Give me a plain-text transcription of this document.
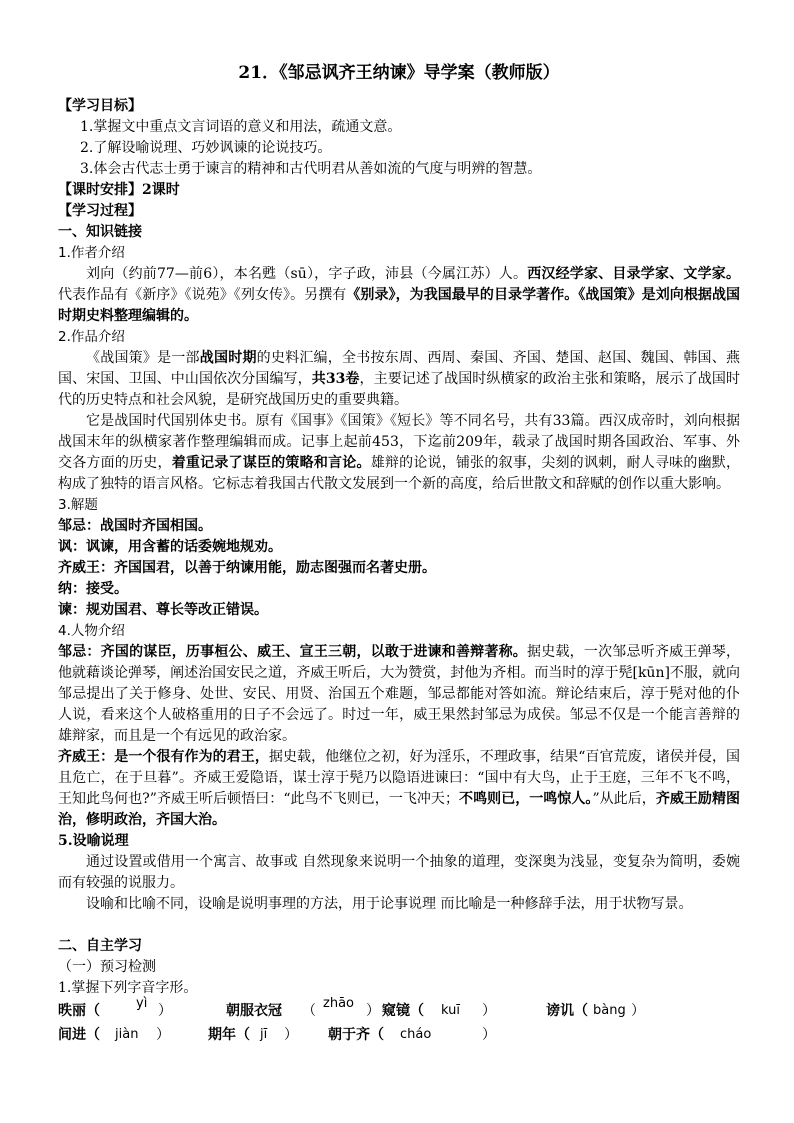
21．《邹忌讽齐王纳谏》导学案（教师版）
【学习目标】
1.掌握文中重点文言词语的意义和用法，疏通文意。
2.了解设喻说理、巧妙讽谏的论说技巧。
3.体会古代志士勇于谏言的精神和古代明君从善如流的气度与明辨的智慧。
【课时安排】2课时
【学习过程】
一、知识链接
1.作者介绍
刘向（约前77—前6），本名甦（sū），字子政，沛县（今属江苏）人。西汉经学家、目录学家、文学家。代表作品有《新序》《说苑》《列女传》。另撰有《别录》，为我国最早的目录学著作。《战国策》是刘向根据战国时期史料整理编辑的。
2.作品介绍
《战国策》是一部战国时期的史料汇编，全书按东周、西周、秦国、齐国、楚国、赵国、魏国、韩国、燕国、宋国、卫国、中山国依次分国编写，共33卷，主要记述了战国时纵横家的政治主张和策略，展示了战国时代的历史特点和社会风貌，是研究战国历史的重要典籍。
它是战国时代国别体史书。原有《国事》《国策》《短长》等不同名号，共有33篇。西汉成帝时，刘向根据战国末年的纵横家著作整理编辑而成。记事上起前453，下迄前209年，载录了战国时期各国政治、军事、外交各方面的历史，着重记录了谋臣的策略和言论。雄辩的论说，铺张的叙事，尖刻的讽刺，耐人寻味的幽默，构成了独特的语言风格。它标志着我国古代散文发展到一个新的高度，给后世散文和辞赋的创作以重大影响。
3.解题
邹忌：战国时齐国相国。
讽：讽谏，用含蓄的话委婉地规劝。
齐威王：齐国国君，以善于纳谏用能，励志图强而名著史册。
纳：接受。
谏：规劝国君、尊长等改正错误。
4.人物介绍
邹忌：齐国的谋臣，历事桓公、威王、宣王三朝，以敢于进谏和善辩著称。据史载，一次邹忌听齐威王弹琴，他就藉谈论弹琴，阐述治国安民之道，齐威王听后，大为赞赏，封他为齐相。而当时的淳于髡[kūn]不服，就向邹忌提出了关于修身、处世、安民、用贤、治国五个难题，邹忌都能对答如流。辩论结束后，淳于髡对他的仆人说，看来这个人破格重用的日子不会远了。时过一年，威王果然封邹忌为成侯。邹忌不仅是一个能言善辩的雄辩家，而且是一个有远见的政治家。
齐威王：是一个很有作为的君王，据史载，他继位之初，好为淫乐，不理政事，结果“百官荒废，诸侯并侵，国且危亡，在于旦暮”。齐威王爱隐语，谋士淳于髡乃以隐语进谏曰：“国中有大鸟，止于王庭，三年不飞不鸣，王知此鸟何也?”齐威王听后顿悟曰：“此鸟不飞则已，一飞冲天；不鸣则已，一鸣惊人。”从此后，齐威王励精图治，修明政治，齐国大治。
5.设喻说理
通过设置或借用一个寓言、故事或 自然现象来说明一个抽象的道理，变深奥为浅显，变复杂为简明，委婉而有较强的说服力。
设喻和比喻不同，设喻是说明事理的方法，用于论事说理 而比喻是一种修辞手法，用于状物写景。
二、自主学习
（一）预习检测
1.掌握下列字音字形。
昳丽（	yì ）	朝服衣冠 （ zhāo ） 窥镜（ kuī ）	谤讥（ bàng ）
间进（ jiàn ）	期年（ jī ） 朝于齐（ cháo	）
